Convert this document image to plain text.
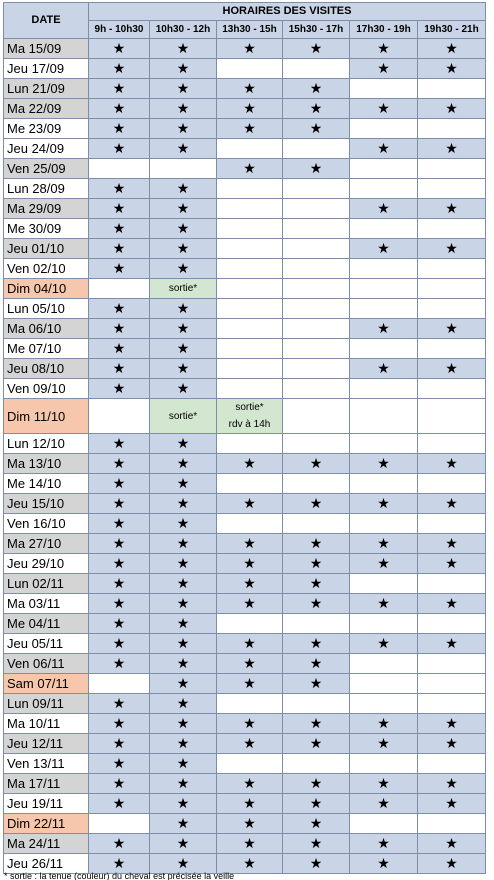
DATE	HORAIRES DES VISITES					
	9h - 10h30	10h30 - 12h	13h30 - 15h	15h30 - 17h	17h30 - 19h	19h30 - 21h
Ma 15/09	★	★	★	★	★	★
Jeu 17/09	★	★			★	★
Lun 21/09	★	★	★	★		
Ma 22/09	★	★	★	★	★	★
Me 23/09	★	★	★	★		
Jeu 24/09	★	★			★	★
Ven 25/09			★	★		
Lun 28/09	★	★				
Ma 29/09	★	★			★	★
Me 30/09	★	★				
Jeu 01/10	★	★			★	★
Ven 02/10	★	★				
Dim 04/10		sortie*				

Lun 05/10	★	★				
Ma 06/10	★	★			★	★
Me 07/10	★	★				
Jeu 08/10	★	★			★	★
Ven 09/10	★	★				
Dim 11/10		sortie*	sortie*
rdv à 14h			

Lun 12/10	★	★				
Ma 13/10	★	★	★	★	★	★
Me 14/10	★	★				
Jeu 15/10	★	★	★	★	★	★
Ven 16/10	★	★				
Ma 27/10	★	★	★	★	★	★
Jeu 29/10	★	★	★	★	★	★
Lun 02/11	★	★	★	★		
Ma 03/11	★	★	★	★	★	★
Me 04/11	★	★				
Jeu 05/11	★	★	★	★	★	★
Ven 06/11	★	★	★	★		
Sam 07/11		★	★	★		
Lun 09/11	★	★				
Ma 10/11	★	★	★	★	★	★
Jeu 12/11	★	★	★	★	★	★
Ven 13/11	★	★				
Ma 17/11	★	★	★	★	★	★
Jeu 19/11	★	★	★	★	★	★
Dim 22/11		★	★	★		
Ma 24/11	★	★	★	★	★	★
Jeu 26/11	★	★	★	★	★	★
* sortie : la tenue (couleur) du cheval est précisée la veille
